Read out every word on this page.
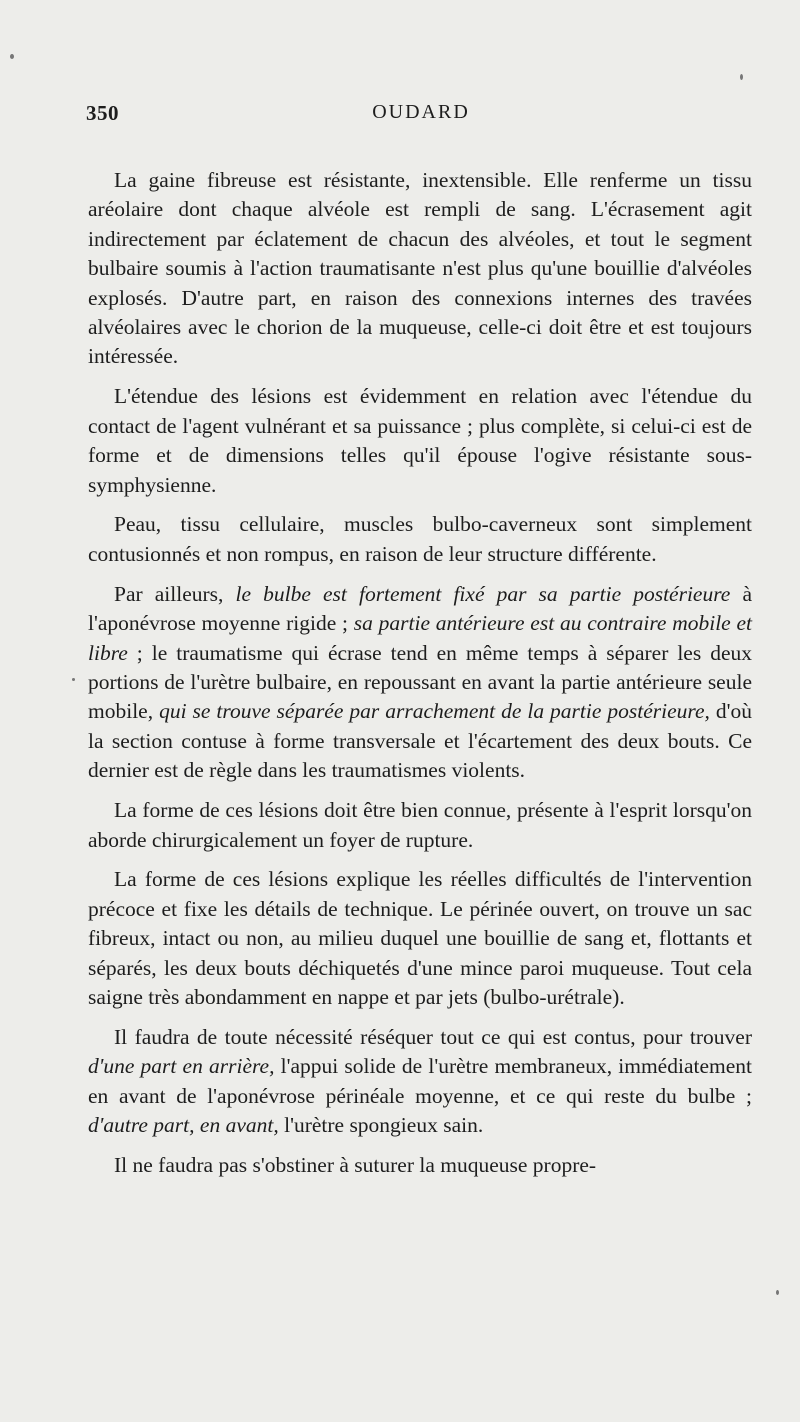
350	OUDARD

La gaine fibreuse est résistante, inextensible. Elle renferme un tissu aréolaire dont chaque alvéole est rempli de sang. L'écrasement agit indirectement par éclatement de chacun des alvéoles, et tout le segment bulbaire soumis à l'action traumatisante n'est plus qu'une bouillie d'alvéoles explosés. D'autre part, en raison des connexions internes des travées alvéolaires avec le chorion de la muqueuse, celle-ci doit être et est toujours intéressée.

L'étendue des lésions est évidemment en relation avec l'étendue du contact de l'agent vulnérant et sa puissance ; plus complète, si celui-ci est de forme et de dimensions telles qu'il épouse l'ogive résistante sous-symphysienne.

Peau, tissu cellulaire, muscles bulbo-caverneux sont simplement contusionnés et non rompus, en raison de leur structure différente.

Par ailleurs, le bulbe est fortement fixé par sa partie postérieure à l'aponévrose moyenne rigide ; sa partie antérieure est au contraire mobile et libre ; le traumatisme qui écrase tend en même temps à séparer les deux portions de l'urètre bulbaire, en repoussant en avant la partie antérieure seule mobile, qui se trouve séparée par arrachement de la partie postérieure, d'où la section contuse à forme transversale et l'écartement des deux bouts. Ce dernier est de règle dans les traumatismes violents.

La forme de ces lésions doit être bien connue, présente à l'esprit lorsqu'on aborde chirurgicalement un foyer de rupture.

La forme de ces lésions explique les réelles difficultés de l'intervention précoce et fixe les détails de technique. Le périnée ouvert, on trouve un sac fibreux, intact ou non, au milieu duquel une bouillie de sang et, flottants et séparés, les deux bouts déchiquetés d'une mince paroi muqueuse. Tout cela saigne très abondamment en nappe et par jets (bulbo-urétrale).

Il faudra de toute nécessité réséquer tout ce qui est contus, pour trouver d'une part en arrière, l'appui solide de l'urètre membraneux, immédiatement en avant de l'aponévrose périnéale moyenne, et ce qui reste du bulbe ; d'autre part, en avant, l'urètre spongieux sain.

Il ne faudra pas s'obstiner à suturer la muqueuse propre-
